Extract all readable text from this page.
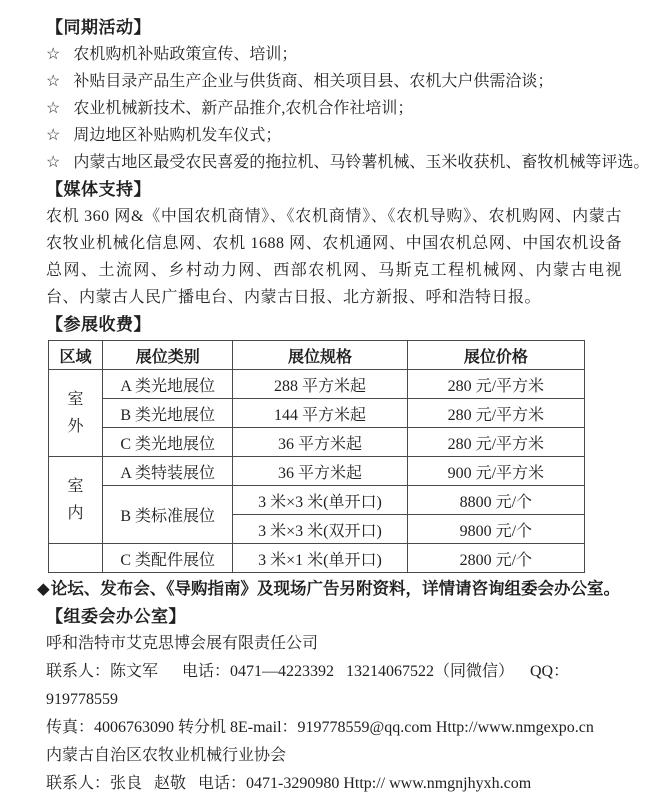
【同期活动】
☆ 农机购机补贴政策宣传、培训；
☆ 补贴目录产品生产企业与供货商、相关项目县、农机大户供需洽谈；
☆ 农业机械新技术、新产品推介,农机合作社培训；
☆ 周边地区补贴购机发车仪式；
☆ 内蒙古地区最受农民喜爱的拖拉机、马铃薯机械、玉米收获机、畜牧机械等评选。
【媒体支持】
农机 360 网&《中国农机商情》、《农机商情》、《农机导购》、农机购网、内蒙古农牧业机械化信息网、农机 1688 网、农机通网、中国农机总网、中国农机设备总网、土流网、乡村动力网、西部农机网、马斯克工程机械网、内蒙古电视台、内蒙古人民广播电台、内蒙古日报、北方新报、呼和浩特日报。
【参展收费】
区域	展位类别	展位规格	展位价格

室外	A 类光地展位	288 平方米起	280 元/平方米
	B 类光地展位	144 平方米起	280 元/平方米
	C 类光地展位	36 平方米起	280 元/平方米

室内	A 类特装展位	36 平方米起	900 元/平方米
	B 类标准展位	3 米×3 米(单开口)	8800 元/个
		3 米×3 米(双开口)	9800 元/个
	C 类配件展位	3 米×1 米(单开口)	2800 元/个
◆论坛、发布会、《导购指南》及现场广告另附资料，详情请咨询组委会办公室。
【组委会办公室】
呼和浩特市艾克思博会展有限责任公司
联系人：陈文军      电话：0471—4223392   13214067522（同微信）    QQ：919778559
传真：4006763090 转分机 8E-mail：919778559@qq.com Http://www.nmgexpo.cn
内蒙古自治区农牧业机械行业协会
联系人：张良   赵敬   电话：0471-3290980 Http:// www.nmgnjhyxh.com
